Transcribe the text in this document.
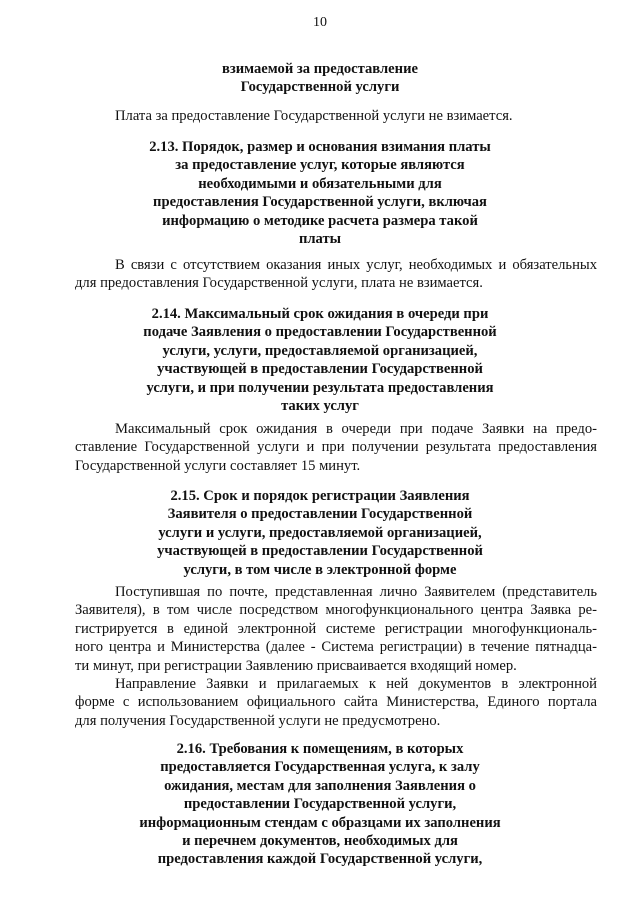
10
взимаемой за предоставление
Государственной услуги
Плата за предоставление Государственной услуги не взимается.
2.13. Порядок, размер и основания взимания платы
за предоставление услуг, которые являются
необходимыми и обязательными для
предоставления Государственной услуги, включая
информацию о методике расчета размера такой
платы
В связи с отсутствием оказания иных услуг, необходимых и обязательных
для предоставления Государственной услуги, плата не взимается.
2.14. Максимальный срок ожидания в очереди при
подаче Заявления о предоставлении Государственной
услуги, услуги, предоставляемой организацией,
участвующей в предоставлении Государственной
услуги, и при получении результата предоставления
таких услуг
Максимальный срок ожидания в очереди при подаче Заявки на предо-
ставление Государственной услуги и при получении результата предоставления
Государственной услуги составляет 15 минут.
2.15. Срок и порядок регистрации Заявления
Заявителя о предоставлении Государственной
услуги и услуги, предоставляемой организацией,
участвующей в предоставлении Государственной
услуги, в том числе в электронной форме
Поступившая по почте, представленная лично Заявителем (представитель
Заявителя), в том числе посредством многофункционального центра Заявка ре-
гистрируется в единой электронной системе регистрации многофункциональ-
ного центра и Министерства (далее - Система регистрации) в течение пятнадца-
ти минут, при регистрации Заявлению присваивается входящий номер.
Направление Заявки и прилагаемых к ней документов в электронной
форме с использованием официального сайта Министерства, Единого портала
для получения Государственной услуги не предусмотрено.
2.16. Требования к помещениям, в которых
предоставляется Государственная услуга, к залу
ожидания, местам для заполнения Заявления о
предоставлении Государственной услуги,
информационным стендам с образцами их заполнения
и перечнем документов, необходимых для
предоставления каждой Государственной услуги,
